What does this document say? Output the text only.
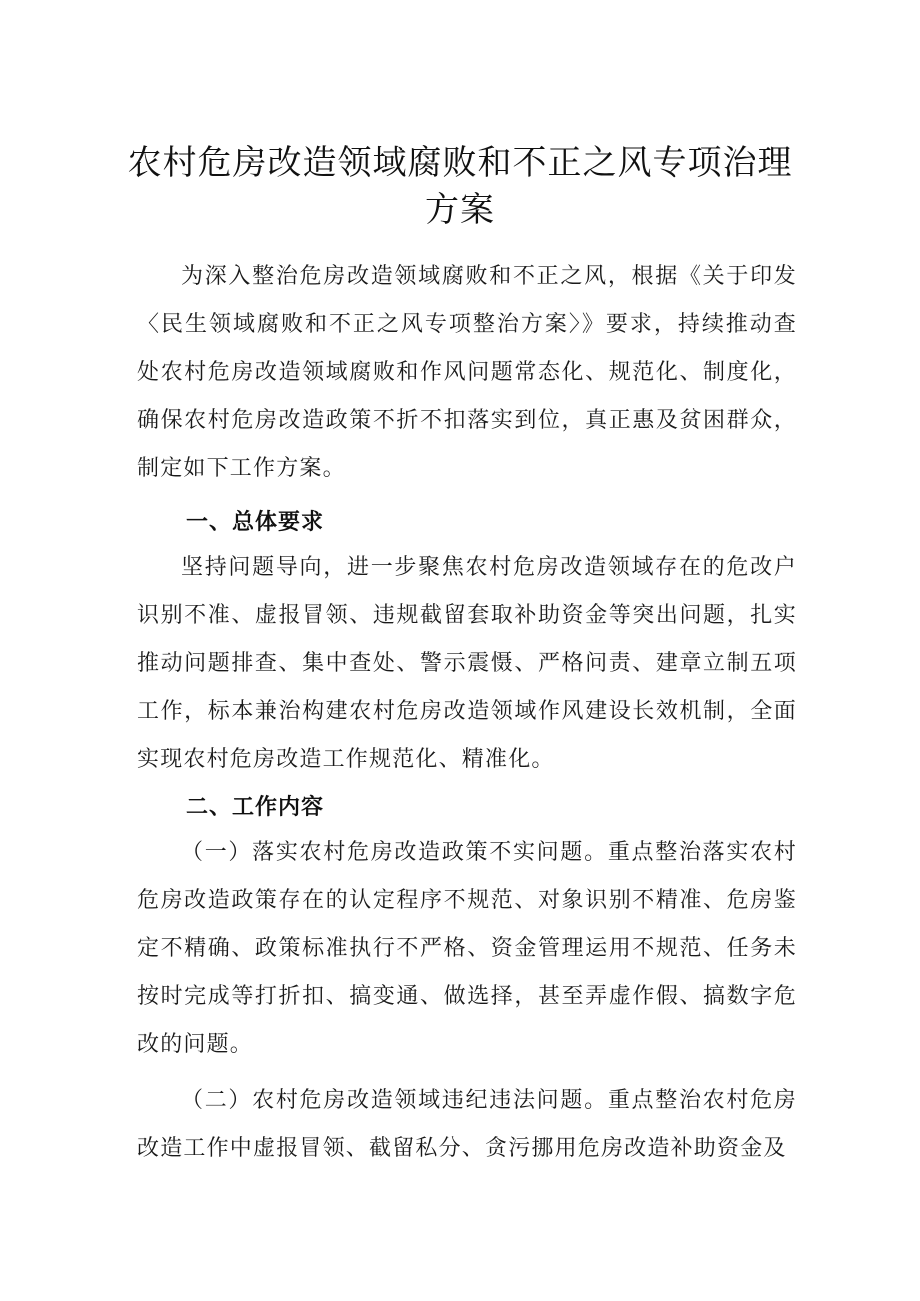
农村危房改造领域腐败和不正之风专项治理
方案
为深入整治危房改造领域腐败和不正之风，根据《关于印发〈民生领域腐败和不正之风专项整治方案〉》要求，持续推动查处农村危房改造领域腐败和作风问题常态化、规范化、制度化，确保农村危房改造政策不折不扣落实到位，真正惠及贫困群众，制定如下工作方案。
一、总体要求
坚持问题导向，进一步聚焦农村危房改造领域存在的危改户识别不准、虚报冒领、违规截留套取补助资金等突出问题，扎实推动问题排查、集中查处、警示震慑、严格问责、建章立制五项工作，标本兼治构建农村危房改造领域作风建设长效机制，全面实现农村危房改造工作规范化、精准化。
二、工作内容
（一）落实农村危房改造政策不实问题。重点整治落实农村危房改造政策存在的认定程序不规范、对象识别不精准、危房鉴定不精确、政策标准执行不严格、资金管理运用不规范、任务未按时完成等打折扣、搞变通、做选择，甚至弄虚作假、搞数字危改的问题。
（二）农村危房改造领域违纪违法问题。重点整治农村危房改造工作中虚报冒领、截留私分、贪污挪用危房改造补助资金及
